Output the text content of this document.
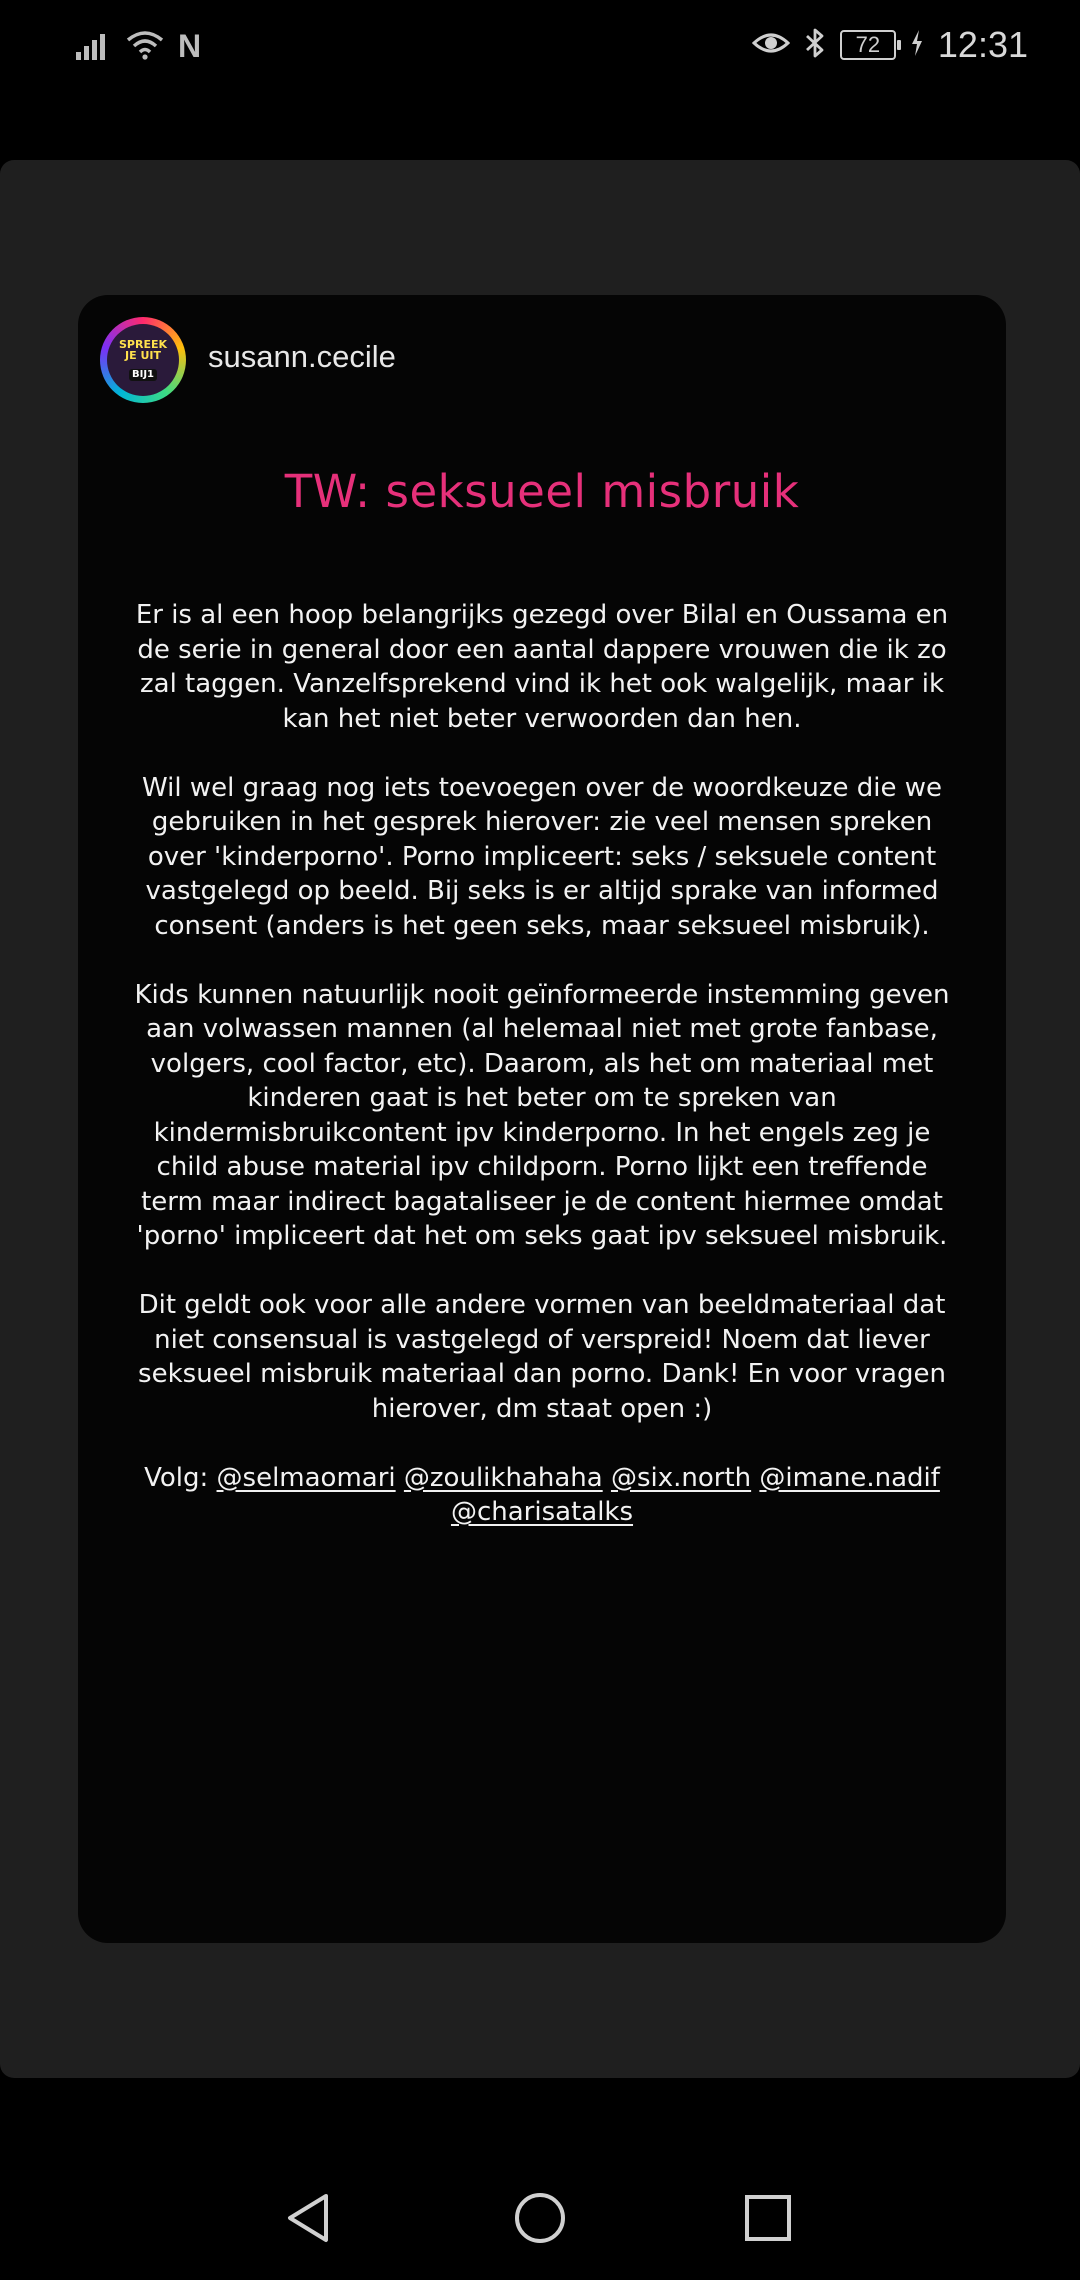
N	72	12:31
SPREEK
JE UIT
BIJ1
susann.cecile
TW: seksueel misbruik

Er is al een hoop belangrijks gezegd over Bilal en Oussama en de serie in general door een aantal dappere vrouwen die ik zo zal taggen. Vanzelfsprekend vind ik het ook walgelijk, maar ik kan het niet beter verwoorden dan hen.

Wil wel graag nog iets toevoegen over de woordkeuze die we gebruiken in het gesprek hierover: zie veel mensen spreken over 'kinderporno'. Porno impliceert: seks / seksuele content vastgelegd op beeld. Bij seks is er altijd sprake van informed consent (anders is het geen seks, maar seksueel misbruik).

Kids kunnen natuurlijk nooit geïnformeerde instemming geven aan volwassen mannen (al helemaal niet met grote fanbase, volgers, cool factor, etc). Daarom, als het om materiaal met kinderen gaat is het beter om te spreken van kindermisbruikcontent ipv kinderporno. In het engels zeg je child abuse material ipv childporn. Porno lijkt een treffende term maar indirect bagataliseer je de content hiermee omdat 'porno' impliceert dat het om seks gaat ipv seksueel misbruik.

Dit geldt ook voor alle andere vormen van beeldmateriaal dat niet consensual is vastgelegd of verspreid! Noem dat liever seksueel misbruik materiaal dan porno. Dank! En voor vragen hierover, dm staat open :)

Volg: @selmaomari @zoulikhahaha @six.north @imane.nadif @charisatalks
